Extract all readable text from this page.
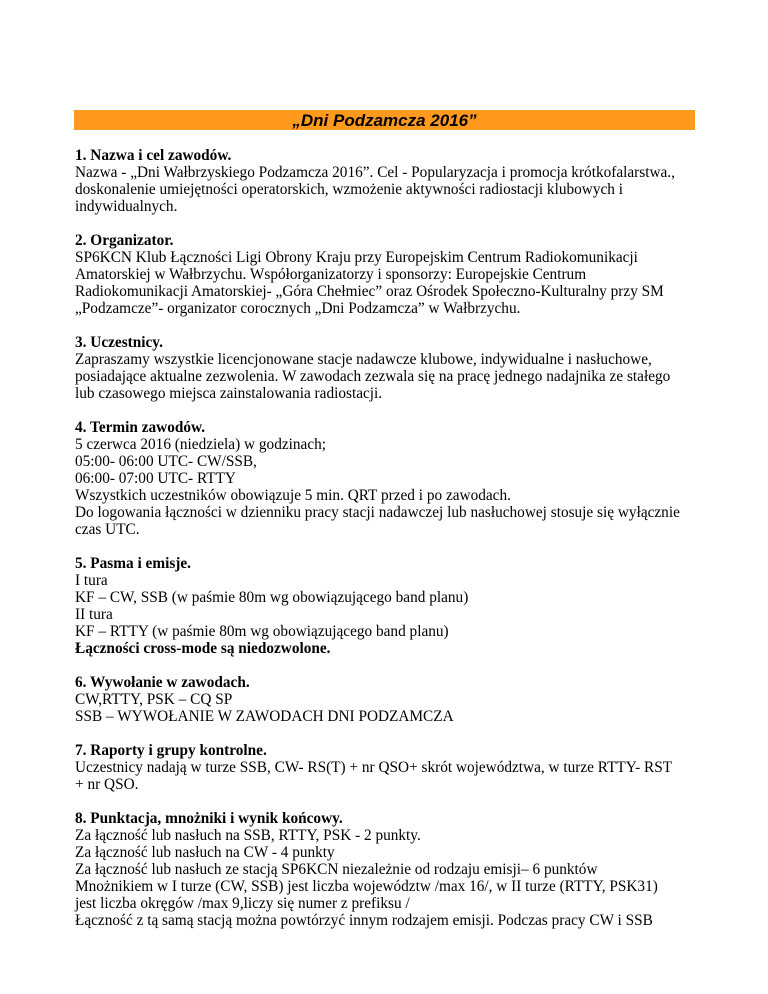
„Dni Podzamcza 2016”
1. Nazwa i cel zawodów.
Nazwa - „Dni Wałbrzyskiego Podzamcza 2016”. Cel - Popularyzacja i promocja krótkofalarstwa.,
doskonalenie umiejętności operatorskich, wzmożenie aktywności radiostacji klubowych i
indywidualnych.
2. Organizator.
SP6KCN Klub Łączności Ligi Obrony Kraju przy Europejskim Centrum Radiokomunikacji
Amatorskiej w Wałbrzychu. Współorganizatorzy i sponsorzy: Europejskie Centrum
Radiokomunikacji Amatorskiej- „Góra Chełmiec” oraz Ośrodek Społeczno-Kulturalny przy SM
„Podzamcze”- organizator corocznych „Dni Podzamcza” w Wałbrzychu.
3. Uczestnicy.
Zapraszamy wszystkie licencjonowane stacje nadawcze klubowe, indywidualne i nasłuchowe,
posiadające aktualne zezwolenia. W zawodach zezwala się na pracę jednego nadajnika ze stałego
lub czasowego miejsca zainstalowania radiostacji.
4. Termin zawodów.
5 czerwca 2016 (niedziela) w godzinach;
05:00- 06:00 UTC- CW/SSB,
06:00- 07:00 UTC- RTTY
Wszystkich uczestników obowiązuje 5 min. QRT przed i po zawodach.
Do logowania łączności w dzienniku pracy stacji nadawczej lub nasłuchowej stosuje się wyłącznie
czas UTC.
5. Pasma i emisje.
I tura
KF – CW, SSB (w paśmie 80m wg obowiązującego band planu)
II tura
KF – RTTY (w paśmie 80m wg obowiązującego band planu)
Łączności cross-mode są niedozwolone.
6. Wywołanie w zawodach.
CW,RTTY, PSK – CQ SP
SSB – WYWOŁANIE W ZAWODACH DNI PODZAMCZA
7. Raporty i grupy kontrolne.
Uczestnicy nadają w turze SSB, CW- RS(T) + nr QSO+ skrót województwa, w turze RTTY- RST
+ nr QSO.
8. Punktacja, mnożniki i wynik końcowy.
Za łączność lub nasłuch na SSB, RTTY, PSK - 2 punkty.
Za łączność lub nasłuch na CW - 4 punkty
Za łączność lub nasłuch ze stacją SP6KCN niezależnie od rodzaju emisji– 6 punktów
Mnożnikiem w I turze (CW, SSB) jest liczba województw /max 16/, w II turze (RTTY, PSK31)
jest liczba okręgów /max 9,liczy się numer z prefiksu /
Łączność z tą samą stacją można powtórzyć innym rodzajem emisji. Podczas pracy CW i SSB
